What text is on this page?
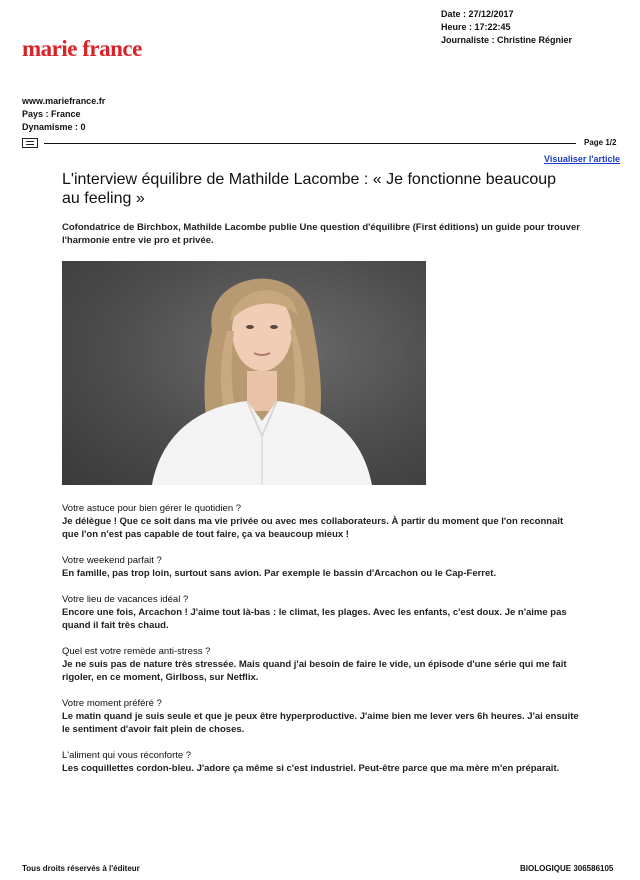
Date : 27/12/2017
Heure : 17:22:45
Journaliste : Christine Régnier
marie france
www.mariefrance.fr
Pays : France
Dynamisme : 0
Page 1/2
Visualiser l'article
L'interview équilibre de Mathilde Lacombe : « Je fonctionne beaucoup au feeling »
Cofondatrice de Birchbox, Mathilde Lacombe publie Une question d'équilibre (First éditions) un guide pour trouver l'harmonie entre vie pro et privée.
Votre astuce pour bien gérer le quotidien ?
Je délègue ! Que ce soit dans ma vie privée ou avec mes collaborateurs. À partir du moment que l'on reconnaît que l'on n'est pas capable de tout faire, ça va beaucoup mieux !
Votre weekend parfait ?
En famille, pas trop loin, surtout sans avion. Par exemple le bassin d'Arcachon ou le Cap-Ferret.
Votre lieu de vacances idéal ?
Encore une fois, Arcachon ! J'aime tout là-bas : le climat, les plages. Avec les enfants, c'est doux. Je n'aime pas quand il fait très chaud.
Quel est votre remède anti-stress ?
Je ne suis pas de nature très stressée. Mais quand j'ai besoin de faire le vide, un épisode d'une série qui me fait rigoler, en ce moment, Girlboss, sur Netflix.
Votre moment préféré ?
Le matin quand je suis seule et que je peux être hyperproductive. J'aime bien me lever vers 6h heures. J'ai ensuite le sentiment d'avoir fait plein de choses.
L'aliment qui vous réconforte ?
Les coquillettes cordon-bleu. J'adore ça même si c'est industriel. Peut-être parce que ma mère m'en préparait.
Tous droits réservés à l'éditeur	BIOLOGIQUE 306586105
